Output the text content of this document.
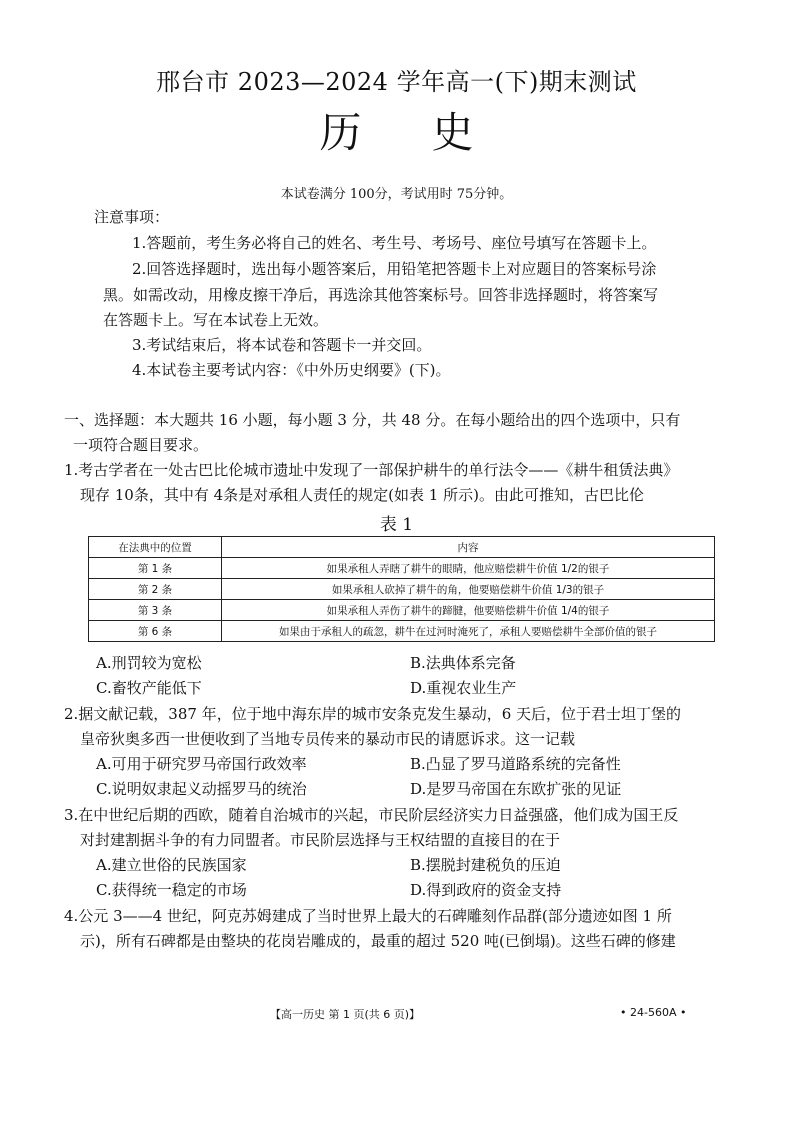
邢台市 2023—2024 学年高一(下)期末测试
历史
本试卷满分 100分，考试用时 75分钟。
注意事项：
1.答题前，考生务必将自己的姓名、考生号、考场号、座位号填写在答题卡上。
2.回答选择题时，选出每小题答案后，用铅笔把答题卡上对应题目的答案标号涂
黑。如需改动，用橡皮擦干净后，再选涂其他答案标号。回答非选择题时，将答案写
在答题卡上。写在本试卷上无效。
3.考试结束后，将本试卷和答题卡一并交回。
4.本试卷主要考试内容：《中外历史纲要》(下)。
一、选择题：本大题共 16 小题，每小题 3 分，共 48 分。在每小题给出的四个选项中，只有
一项符合题目要求。
1.考古学者在一处古巴比伦城市遗址中发现了一部保护耕牛的单行法令——《耕牛租赁法典》
现存 10条，其中有 4条是对承租人责任的规定(如表 1 所示)。由此可推知，古巴比伦
表 1
在法典中的位置	内容
第 1 条	如果承租人弄瞎了耕牛的眼睛，他应赔偿耕牛价值 1/2的银子
第 2 条	如果承租人砍掉了耕牛的角，他要赔偿耕牛价值 1/3的银子
第 3 条	如果承租人弄伤了耕牛的蹄腱，他要赔偿耕牛价值 1/4的银子
第 6 条	如果由于承租人的疏忽，耕牛在过河时淹死了，承租人要赔偿耕牛全部价值的银子
A.刑罚较为宽松	B.法典体系完备
C.畜牧产能低下	D.重视农业生产
2.据文献记载，387 年，位于地中海东岸的城市安条克发生暴动，6 天后，位于君士坦丁堡的
皇帝狄奥多西一世便收到了当地专员传来的暴动市民的请愿诉求。这一记载
A.可用于研究罗马帝国行政效率	B.凸显了罗马道路系统的完备性
C.说明奴隶起义动摇罗马的统治	D.是罗马帝国在东欧扩张的见证
3.在中世纪后期的西欧，随着自治城市的兴起，市民阶层经济实力日益强盛，他们成为国王反
对封建割据斗争的有力同盟者。市民阶层选择与王权结盟的直接目的在于
A.建立世俗的民族国家	B.摆脱封建税负的压迫
C.获得统一稳定的市场	D.得到政府的资金支持
4.公元 3——4 世纪，阿克苏姆建成了当时世界上最大的石碑雕刻作品群(部分遗迹如图 1 所
示)，所有石碑都是由整块的花岗岩雕成的，最重的超过 520 吨(已倒塌)。这些石碑的修建
【高一历史 第 1 页(共 6 页)】	• 24-560A •
